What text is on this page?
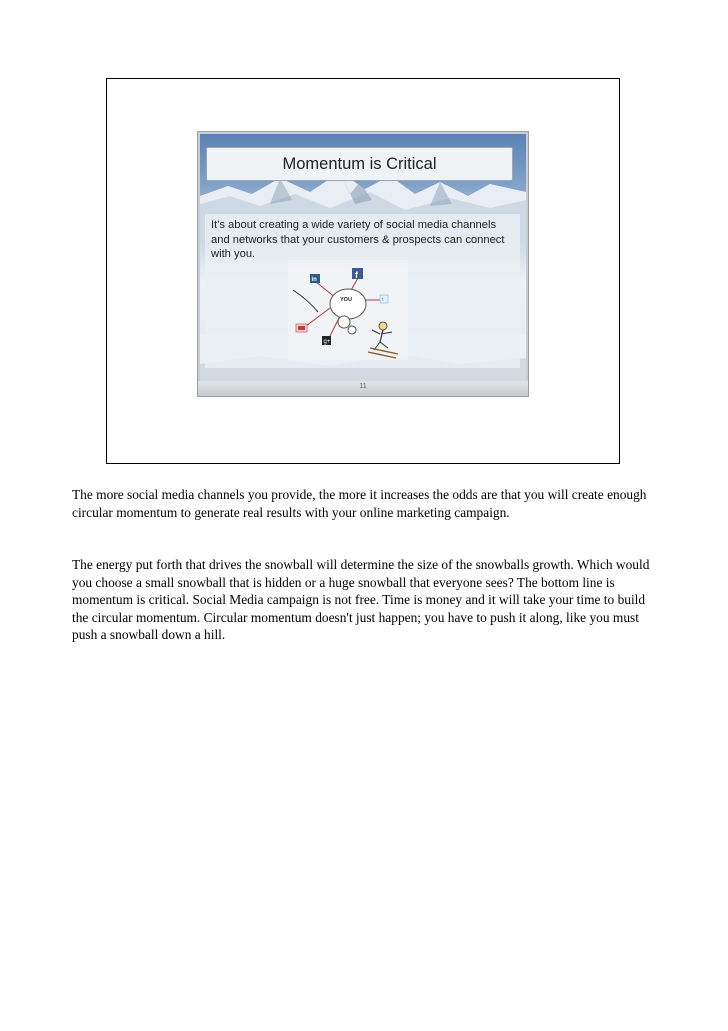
Momentum is Critical

It's about creating a wide variety of social media channels and networks that your customers & prospects can connect with you.

YOU
in	f
t
g+
11

The more social media channels you provide, the more it increases the odds are that you will create enough circular momentum to generate real results with your online marketing campaign.

The energy put forth that drives the snowball will determine the size of the snowballs growth. Which would you choose a small snowball that is hidden or a huge snowball that everyone sees? The bottom line is momentum is critical. Social Media campaign is not free. Time is money and it will take your time to build the circular momentum. Circular momentum doesn't just happen; you have to push it along, like you must push a snowball down a hill.
